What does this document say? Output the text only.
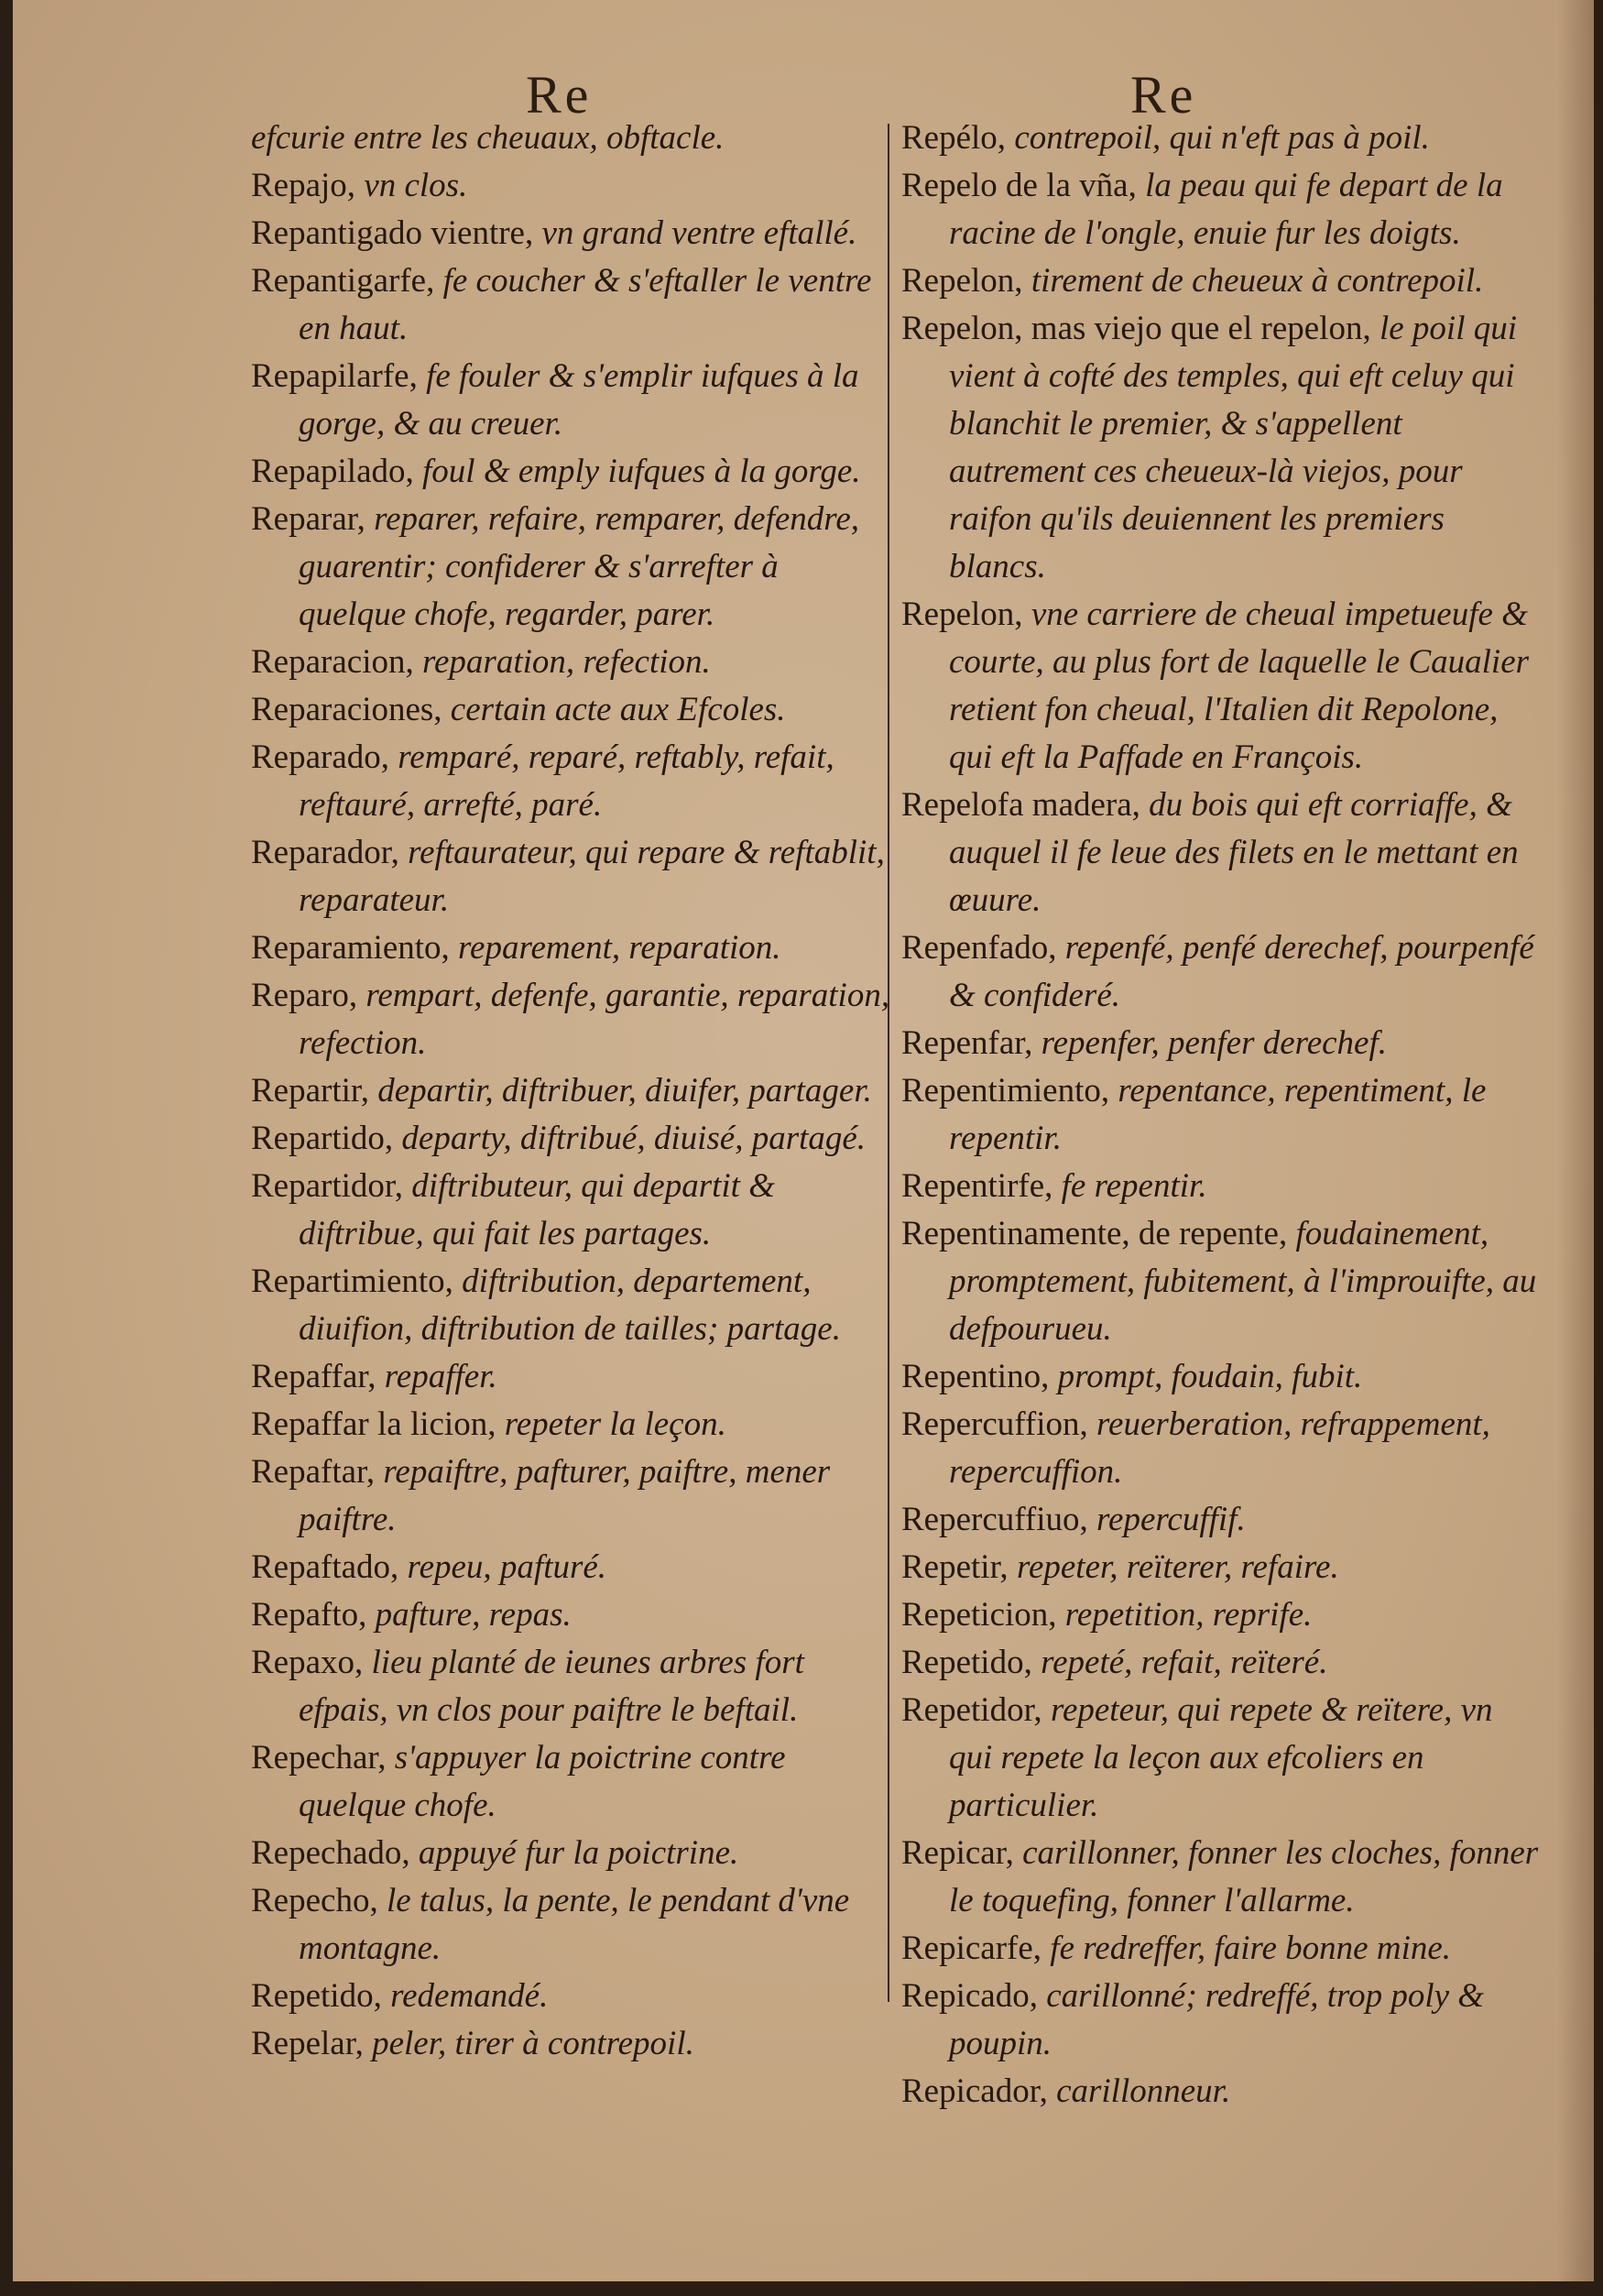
Re	Re
efcurie entre les cheuaux, obftacle.
Repajo, vn clos.
Repantigado vientre, vn grand ventre eftallé.
Repantigarfe, fe coucher & s'eftaller le ventre en haut.
Repapilarfe, fe fouler & s'emplir iufques à la gorge, & au creuer.
Repapilado, foul & emply iufques à la gorge.
Reparar, reparer, refaire, remparer, defendre, guarentir; confiderer & s'arrefter à quelque chofe, regarder, parer.
Reparacion, reparation, refection.
Reparaciones, certain acte aux Efcoles.
Reparado, remparé, reparé, reftably, refait, reftauré, arrefté, paré.
Reparador, reftaurateur, qui repare & reftablit, reparateur.
Reparamiento, reparement, reparation.
Reparo, rempart, defenfe, garantie, reparation, refection.
Repartir, departir, diftribuer, diuifer, partager.
Repartido, departy, diftribué, diuisé, partagé.
Repartidor, diftributeur, qui departit & diftribue, qui fait les partages.
Repartimiento, diftribution, departement, diuifion, diftribution de tailles; partage.
Repaffar, repaffer.
Repaffar la licion, repeter la leçon.
Repaftar, repaiftre, pafturer, paiftre, mener paiftre.
Repaftado, repeu, pafturé.
Repafto, pafture, repas.
Repaxo, lieu planté de ieunes arbres fort efpais, vn clos pour paiftre le beftail.
Repechar, s'appuyer la poictrine contre quelque chofe.
Repechado, appuyé fur la poictrine.
Repecho, le talus, la pente, le pendant d'vne montagne.
Repetido, redemandé.
Repelar, peler, tirer à contrepoil.
Repélo, contrepoil, qui n'eft pas à poil.
Repelo de la vña, la peau qui fe depart de la racine de l'ongle, enuie fur les doigts.
Repelon, tirement de cheueux à contrepoil.
Repelon, mas viejo que el repelon, le poil qui vient à cofté des temples, qui eft celuy qui blanchit le premier, & s'appellent autrement ces cheueux-là viejos, pour raifon qu'ils deuiennent les premiers blancs.
Repelon, vne carriere de cheual impetueufe & courte, au plus fort de laquelle le Caualier retient fon cheual, l'Italien dit Repolone, qui eft la Paffade en François.
Repelofa madera, du bois qui eft corriaffe, & auquel il fe leue des filets en le mettant en œuure.
Repenfado, repenfé, penfé derechef, pourpenfé & confideré.
Repenfar, repenfer, penfer derechef.
Repentimiento, repentance, repentiment, le repentir.
Repentirfe, fe repentir.
Repentinamente, de repente, foudainement, promptement, fubitement, à l'improuifte, au defpourueu.
Repentino, prompt, foudain, fubit.
Repercuffion, reuerberation, refrappement, repercuffion.
Repercuffiuo, repercuffif.
Repetir, repeter, reïterer, refaire.
Repeticion, repetition, reprife.
Repetido, repeté, refait, reïteré.
Repetidor, repeteur, qui repete & reïtere, vn qui repete la leçon aux efcoliers en particulier.
Repicar, carillonner, fonner les cloches, fonner le toquefing, fonner l'allarme.
Repicarfe, fe redreffer, faire bonne mine.
Repicado, carillonné; redreffé, trop poly & poupin.
Repicador, carillonneur.
